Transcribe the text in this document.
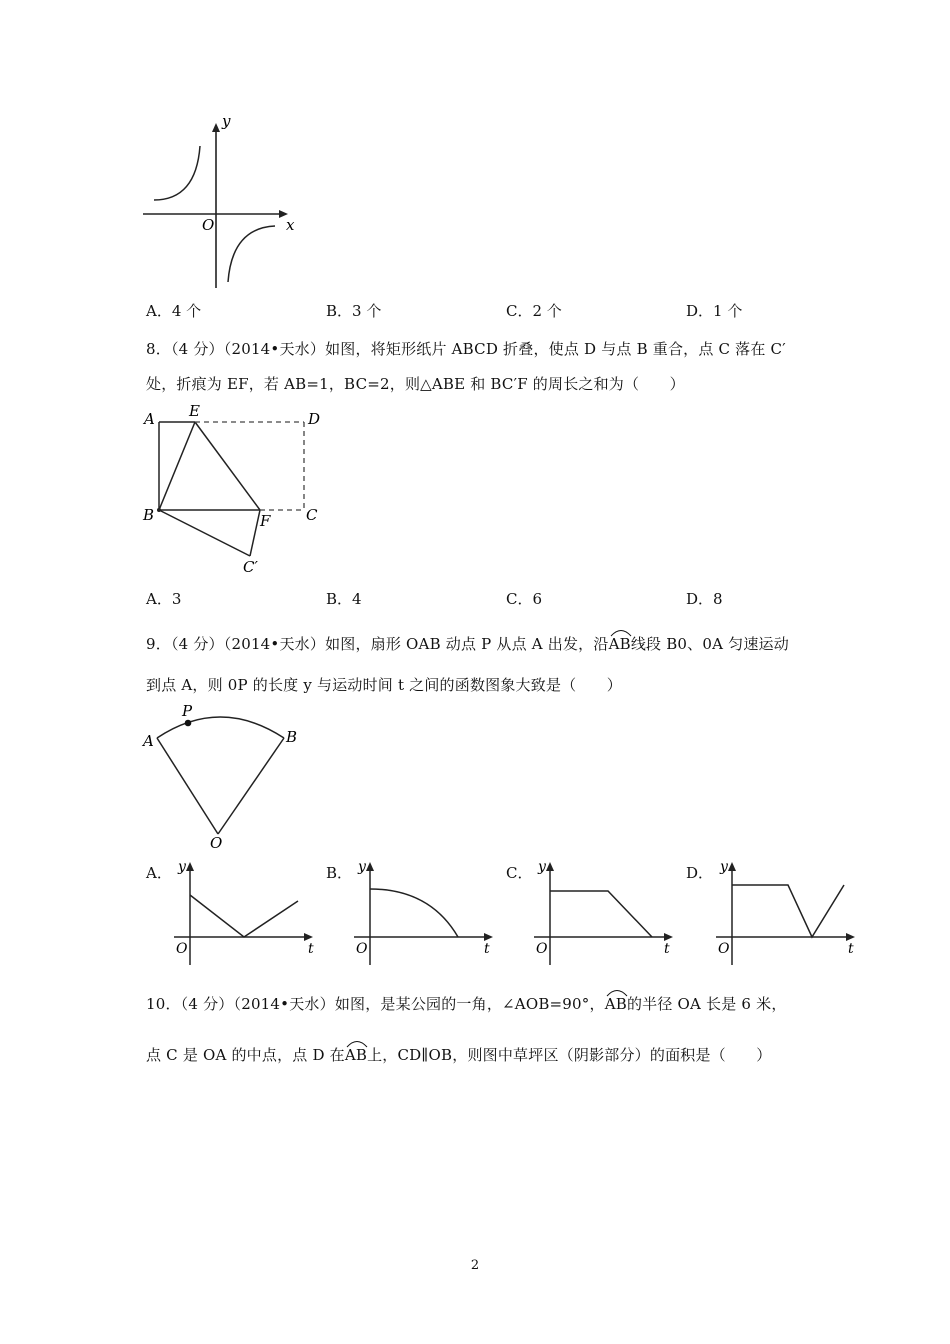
y
x
O
A．4 个	B．3 个	C．2 个	D．1 个
8．（4 分）（2014•天水）如图，将矩形纸片 ABCD 折叠，使点 D 与点 B 重合，点 C 落在 C′
处，折痕为 EF，若 AB=1，BC=2，则△ABE 和 BC′F 的周长之和为（　　）
A E	D
B	F C
C′
A．3	B．4	C．6	D．8
9．（4 分）（2014•天水）如图，扇形 OAB 动点 P 从点 A 出发，沿
AB线段 B0、0A 匀速运动
到点 A，则 0P 的长度 y 与运动时间 t 之间的函数图象大致是（　　）
P
A	B
O
A．	B．	C．	D．
y
O	t
y
O	t
y
O	t
y
O	t
10．（4 分）（2014•天水）如图，是某公园的一角，∠AOB=90°，
AB的半径 OA 长是 6 米，
点 C 是 OA 的中点，点 D 在
AB上，CD∥OB，则图中草坪区（阴影部分）的面积是（　　）
2
